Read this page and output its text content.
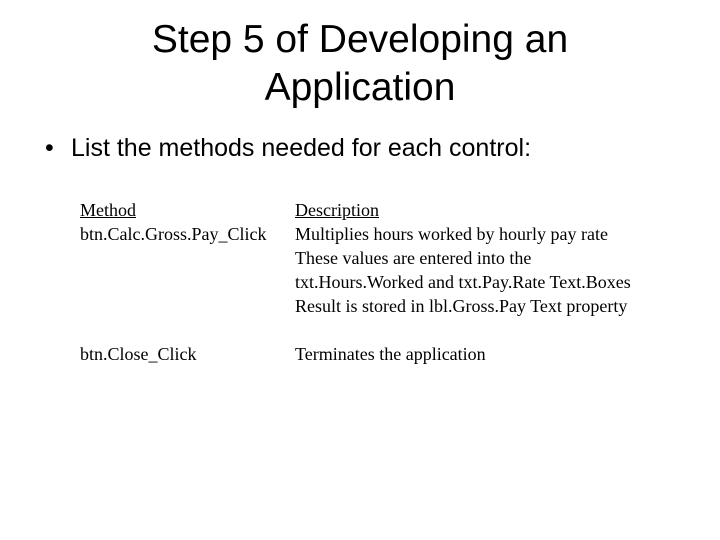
Step 5 of Developing an
Application
• List the methods needed for each control:
Method
btn.Calc.Gross.Pay_Click
Description
Multiplies hours worked by hourly pay rate
These values are entered into the
txt.Hours.Worked and txt.Pay.Rate Text.Boxes
Result is stored in lbl.Gross.Pay Text property
btn.Close_Click	Terminates the application
